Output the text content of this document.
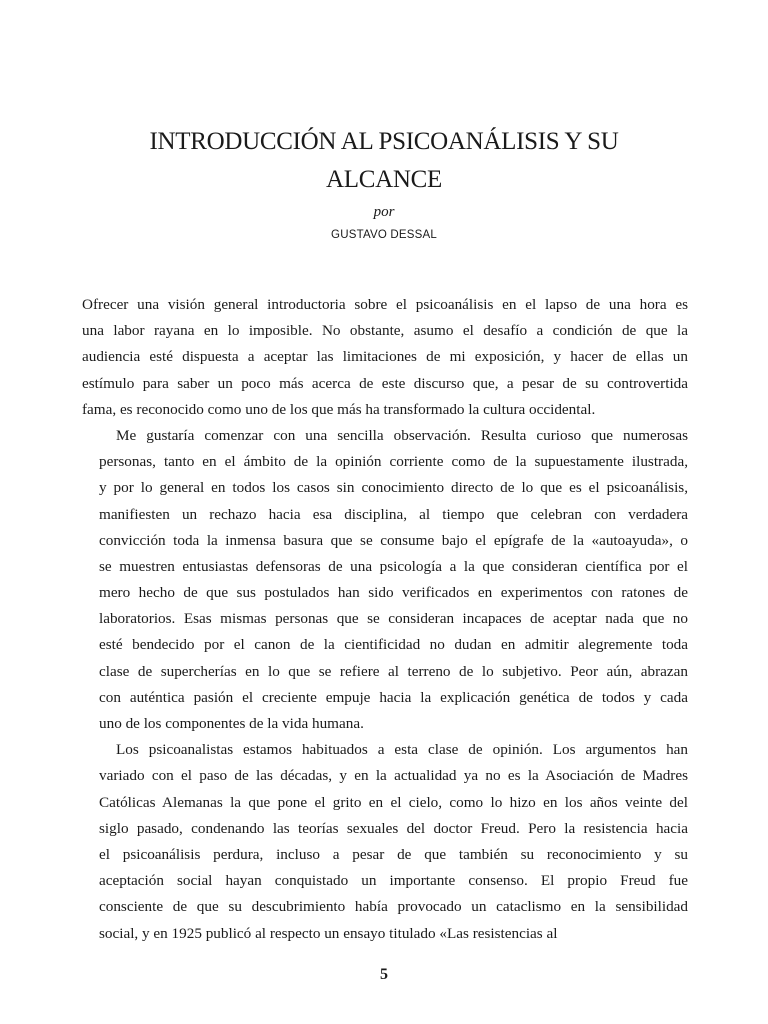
INTRODUCCIÓN AL PSICOANÁLISIS Y SU
ALCANCE
por
GUSTAVO DESSAL

Ofrecer una visión general introductoria sobre el psicoanálisis en el lapso de una hora es
una labor rayana en lo imposible. No obstante, asumo el desafío a condición de que la
audiencia esté dispuesta a aceptar las limitaciones de mi exposición, y hacer de ellas un
estímulo para saber un poco más acerca de este discurso que, a pesar de su controvertida
fama, es reconocido como uno de los que más ha transformado la cultura occidental.

Me gustaría comenzar con una sencilla observación. Resulta curioso que numerosas
personas, tanto en el ámbito de la opinión corriente como de la supuestamente ilustrada,
y por lo general en todos los casos sin conocimiento directo de lo que es el psicoanálisis,
manifiesten un rechazo hacia esa disciplina, al tiempo que celebran con verdadera
convicción toda la inmensa basura que se consume bajo el epígrafe de la «autoayuda», o
se muestren entusiastas defensoras de una psicología a la que consideran científica por el
mero hecho de que sus postulados han sido verificados en experimentos con ratones de
laboratorios. Esas mismas personas que se consideran incapaces de aceptar nada que no
esté bendecido por el canon de la cientificidad no dudan en admitir alegremente toda
clase de supercherías en lo que se refiere al terreno de lo subjetivo. Peor aún, abrazan
con auténtica pasión el creciente empuje hacia la explicación genética de todos y cada
uno de los componentes de la vida humana.

Los psicoanalistas estamos habituados a esta clase de opinión. Los argumentos han
variado con el paso de las décadas, y en la actualidad ya no es la Asociación de Madres
Católicas Alemanas la que pone el grito en el cielo, como lo hizo en los años veinte del
siglo pasado, condenando las teorías sexuales del doctor Freud. Pero la resistencia hacia
el psicoanálisis perdura, incluso a pesar de que también su reconocimiento y su
aceptación social hayan conquistado un importante consenso. El propio Freud fue
consciente de que su descubrimiento había provocado un cataclismo en la sensibilidad
social, y en 1925 publicó al respecto un ensayo titulado «Las resistencias al

5
